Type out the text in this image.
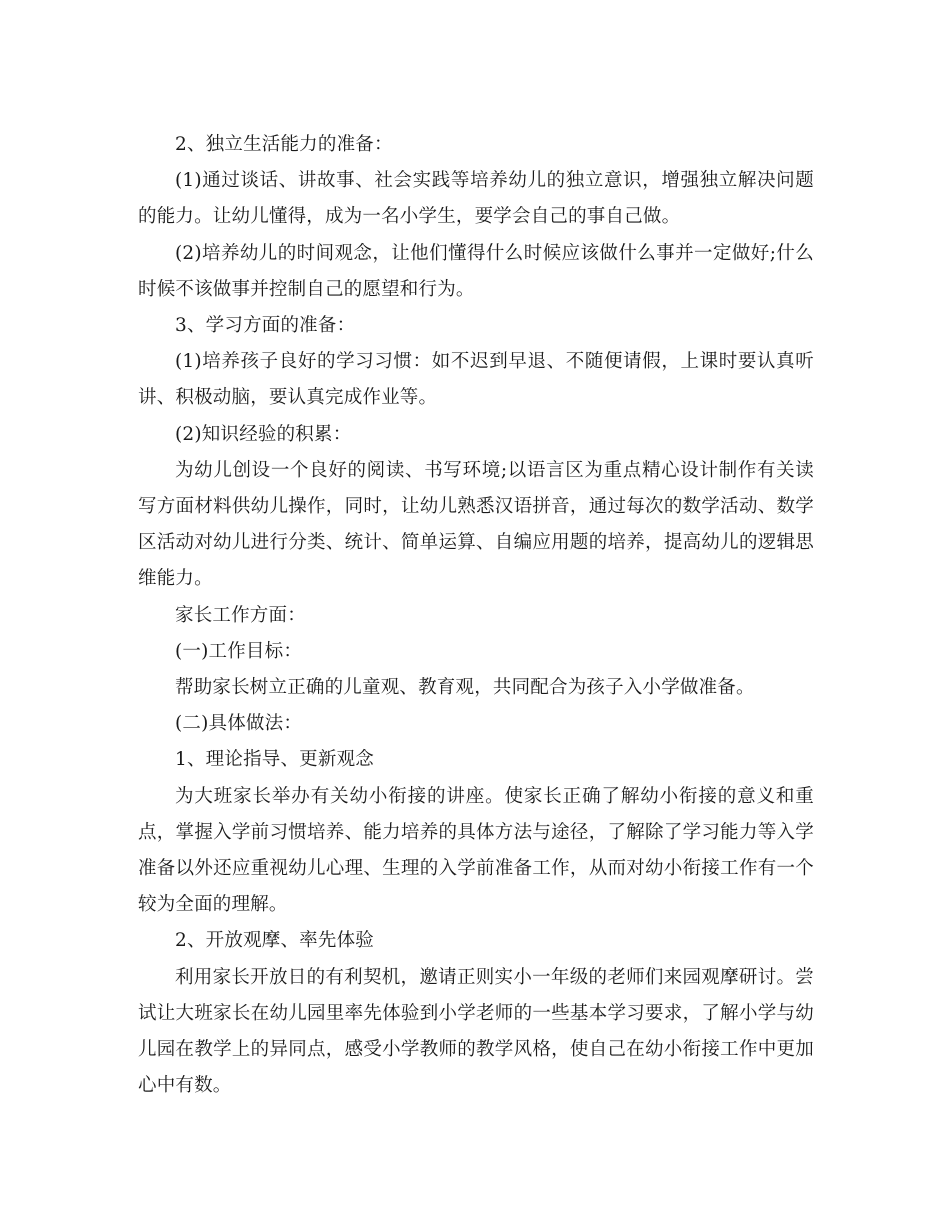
2、独立生活能力的准备：

(1)通过谈话、讲故事、社会实践等培养幼儿的独立意识，增强独立解决问题的能力。让幼儿懂得，成为一名小学生，要学会自己的事自己做。

(2)培养幼儿的时间观念，让他们懂得什么时候应该做什么事并一定做好;什么时候不该做事并控制自己的愿望和行为。

3、学习方面的准备：

(1)培养孩子良好的学习习惯：如不迟到早退、不随便请假，上课时要认真听讲、积极动脑，要认真完成作业等。

(2)知识经验的积累：

为幼儿创设一个良好的阅读、书写环境;以语言区为重点精心设计制作有关读写方面材料供幼儿操作，同时，让幼儿熟悉汉语拼音，通过每次的数学活动、数学区活动对幼儿进行分类、统计、简单运算、自编应用题的培养，提高幼儿的逻辑思维能力。

家长工作方面：

(一)工作目标：

帮助家长树立正确的儿童观、教育观，共同配合为孩子入小学做准备。

(二)具体做法：

1、理论指导、更新观念

为大班家长举办有关幼小衔接的讲座。使家长正确了解幼小衔接的意义和重点，掌握入学前习惯培养、能力培养的具体方法与途径，了解除了学习能力等入学准备以外还应重视幼儿心理、生理的入学前准备工作，从而对幼小衔接工作有一个较为全面的理解。

2、开放观摩、率先体验

利用家长开放日的有利契机，邀请正则实小一年级的老师们来园观摩研讨。尝试让大班家长在幼儿园里率先体验到小学老师的一些基本学习要求，了解小学与幼儿园在教学上的异同点，感受小学教师的教学风格，使自己在幼小衔接工作中更加心中有数。
